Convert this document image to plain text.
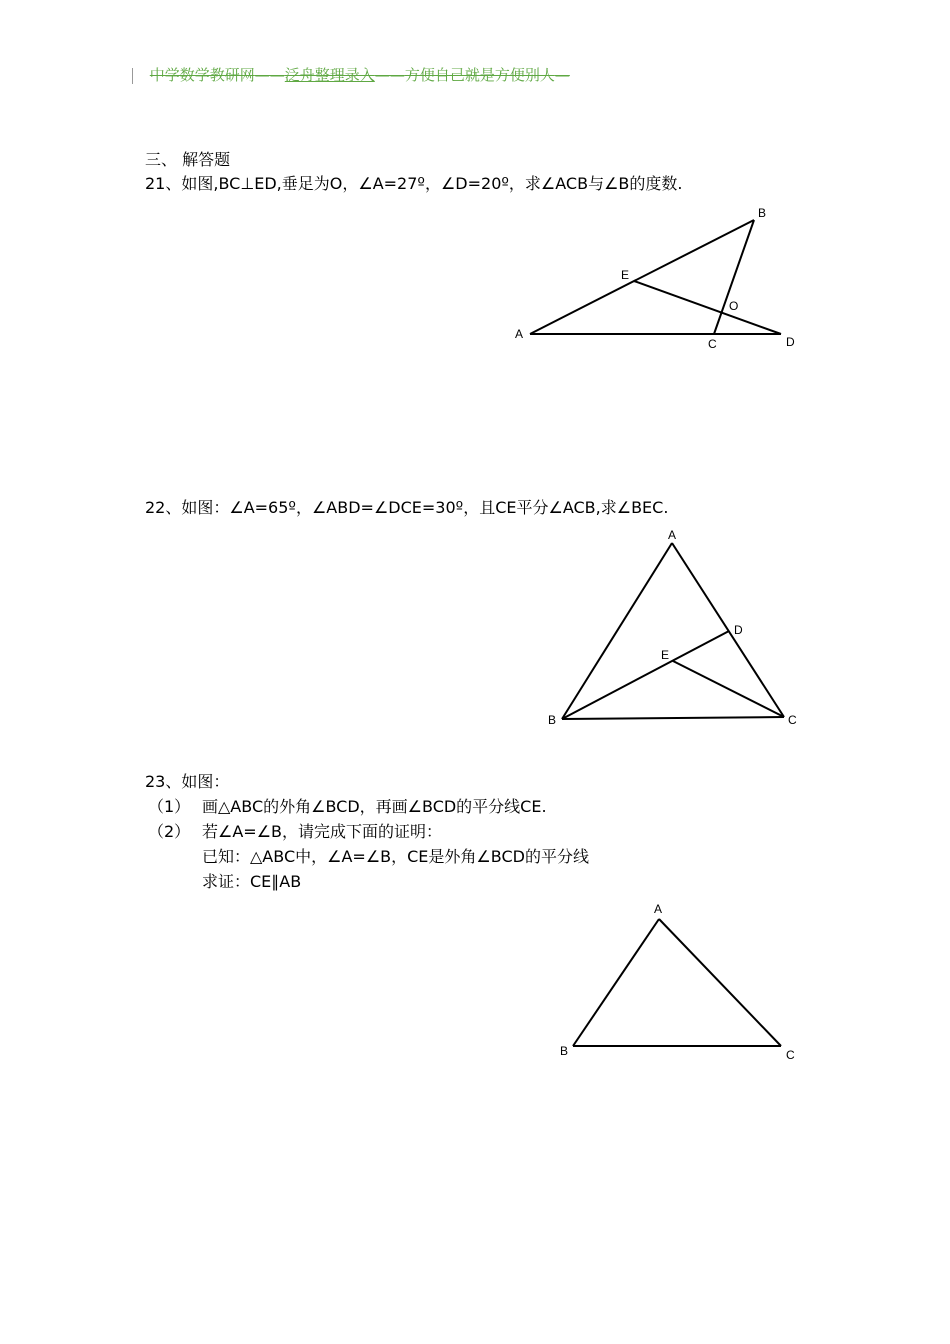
中学数学教研网——泛舟整理录入——方便自己就是方便别人—
三、 解答题
21、如图,BC⊥ED,垂足为O，∠A=27º，∠D=20º，求∠ACB与∠B的度数.
A
B
C	D
E
O
22、如图：∠A=65º，∠ABD=∠DCE=30º，且CE平分∠ACB,求∠BEC.
A
B	C
D
E
23、如图：
（1） 画△ABC的外角∠BCD，再画∠BCD的平分线CE.
（2） 若∠A=∠B，请完成下面的证明：
已知：△ABC中，∠A=∠B，CE是外角∠BCD的平分线
求证：CE∥AB
A
B	C
